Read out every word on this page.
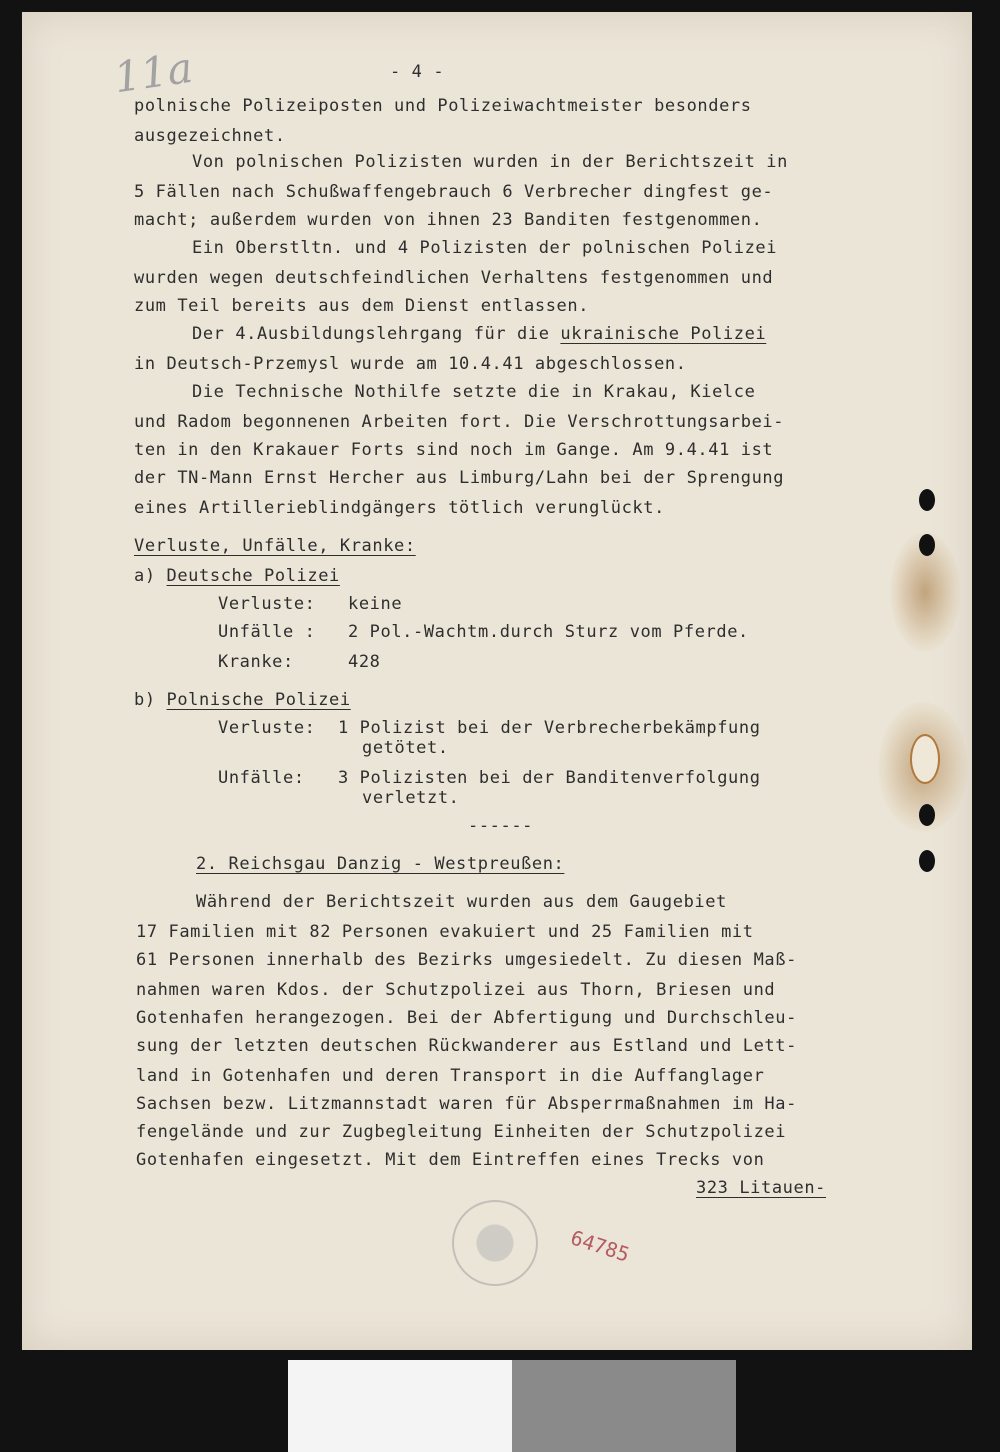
11a	- 4 -

polnische Polizeiposten und Polizeiwachtmeister besonders

ausgezeichnet.

Von polnischen Polizisten wurden in der Berichtszeit in

5 Fällen nach Schußwaffengebrauch 6 Verbrecher dingfest ge-

macht; außerdem wurden von ihnen 23 Banditen festgenommen.

Ein Oberstltn. und 4 Polizisten der polnischen Polizei

wurden wegen deutschfeindlichen Verhaltens festgenommen und

zum Teil bereits aus dem Dienst entlassen.

Der 4.Ausbildungslehrgang für die ukrainische Polizei

in Deutsch-Przemysl wurde am 10.4.41 abgeschlossen.

Die Technische Nothilfe setzte die in Krakau, Kielce

und Radom begonnenen Arbeiten fort. Die Verschrottungsarbei-

ten in den Krakauer Forts sind noch im Gange. Am 9.4.41 ist

der TN-Mann Ernst Hercher aus Limburg/Lahn bei der Sprengung

eines Artillerieblindgängers tötlich verunglückt.

Verluste, Unfälle, Kranke:

a) Deutsche Polizei

Verluste: keine

Unfälle : 2 Pol.-Wachtm.durch Sturz vom Pferde.

Kranke:	428

b) Polnische Polizei

Verluste: 1 Polizist bei der Verbrecherbekämpfung

getötet.

Unfälle: 3 Polizisten bei der Banditenverfolgung

verletzt.

------

2. Reichsgau Danzig - Westpreußen:

Während der Berichtszeit wurden aus dem Gaugebiet

17 Familien mit 82 Personen evakuiert und 25 Familien mit

61 Personen innerhalb des Bezirks umgesiedelt. Zu diesen Maß-

nahmen waren Kdos. der Schutzpolizei aus Thorn, Briesen und

Gotenhafen herangezogen. Bei der Abfertigung und Durchschleu-

sung der letzten deutschen Rückwanderer aus Estland und Lett-

land in Gotenhafen und deren Transport in die Auffanglager

Sachsen bezw. Litzmannstadt waren für Absperrmaßnahmen im Ha-

fengelände und zur Zugbegleitung Einheiten der Schutzpolizei

Gotenhafen eingesetzt. Mit dem Eintreffen eines Trecks von

323 Litauen-

64785
